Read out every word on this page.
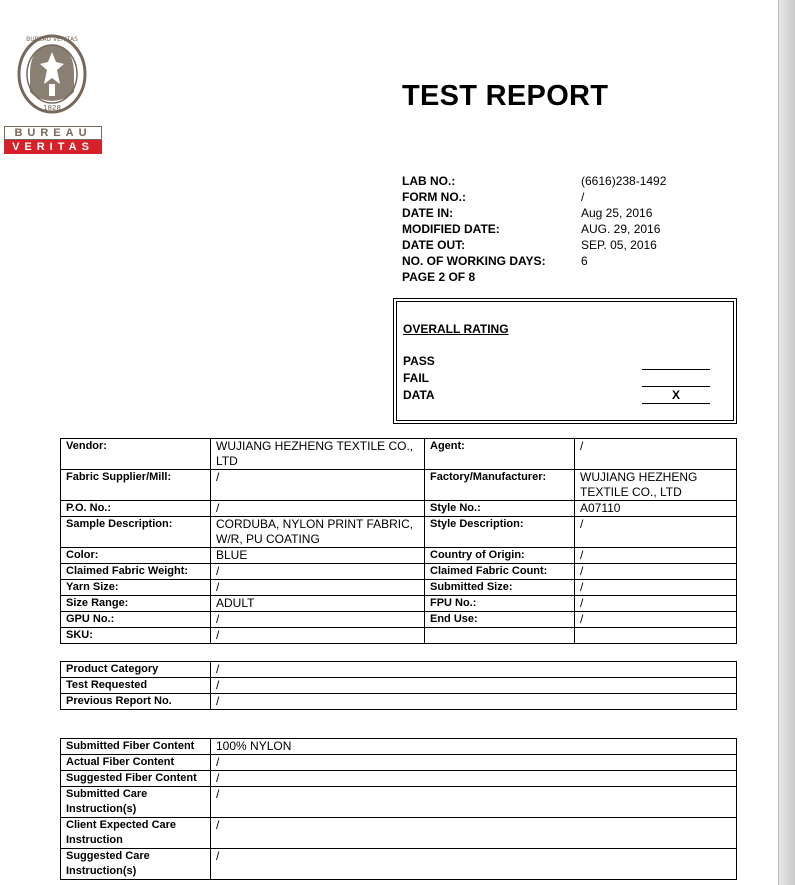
BUREAU VERITAS
1828
BUREAU
VERITAS
TEST REPORT
LAB NO.:	(6616)238-1492
FORM NO.:	/
DATE IN:	Aug 25, 2016
MODIFIED DATE:	AUG. 29, 2016
DATE OUT:	SEP. 05, 2016
NO. OF WORKING DAYS:	6
PAGE 2 OF 8
OVERALL RATING
PASS
FAIL
DATA	X
Vendor:	WUJIANG HEZHENG TEXTILE CO., LTD	Agent:	/
Fabric Supplier/Mill:	/	Factory/Manufacturer:	WUJIANG HEZHENG TEXTILE CO., LTD
P.O. No.:	/	Style No.:	A07110
Sample Description:	CORDUBA, NYLON PRINT FABRIC, W/R, PU COATING	Style Description:	/
Color:	BLUE	Country of Origin:	/
Claimed Fabric Weight:	/	Claimed Fabric Count:	/
Yarn Size:	/	Submitted Size:	/
Size Range:	ADULT	FPU No.:	/
GPU No.:	/	End Use:	/
SKU:	/		
Product Category	/
Test Requested	/
Previous Report No.	/
Submitted Fiber Content	100% NYLON
Actual Fiber Content	/
Suggested Fiber Content	/
Submitted Care Instruction(s)	/
Client Expected Care Instruction	/
Suggested Care Instruction(s)	/
